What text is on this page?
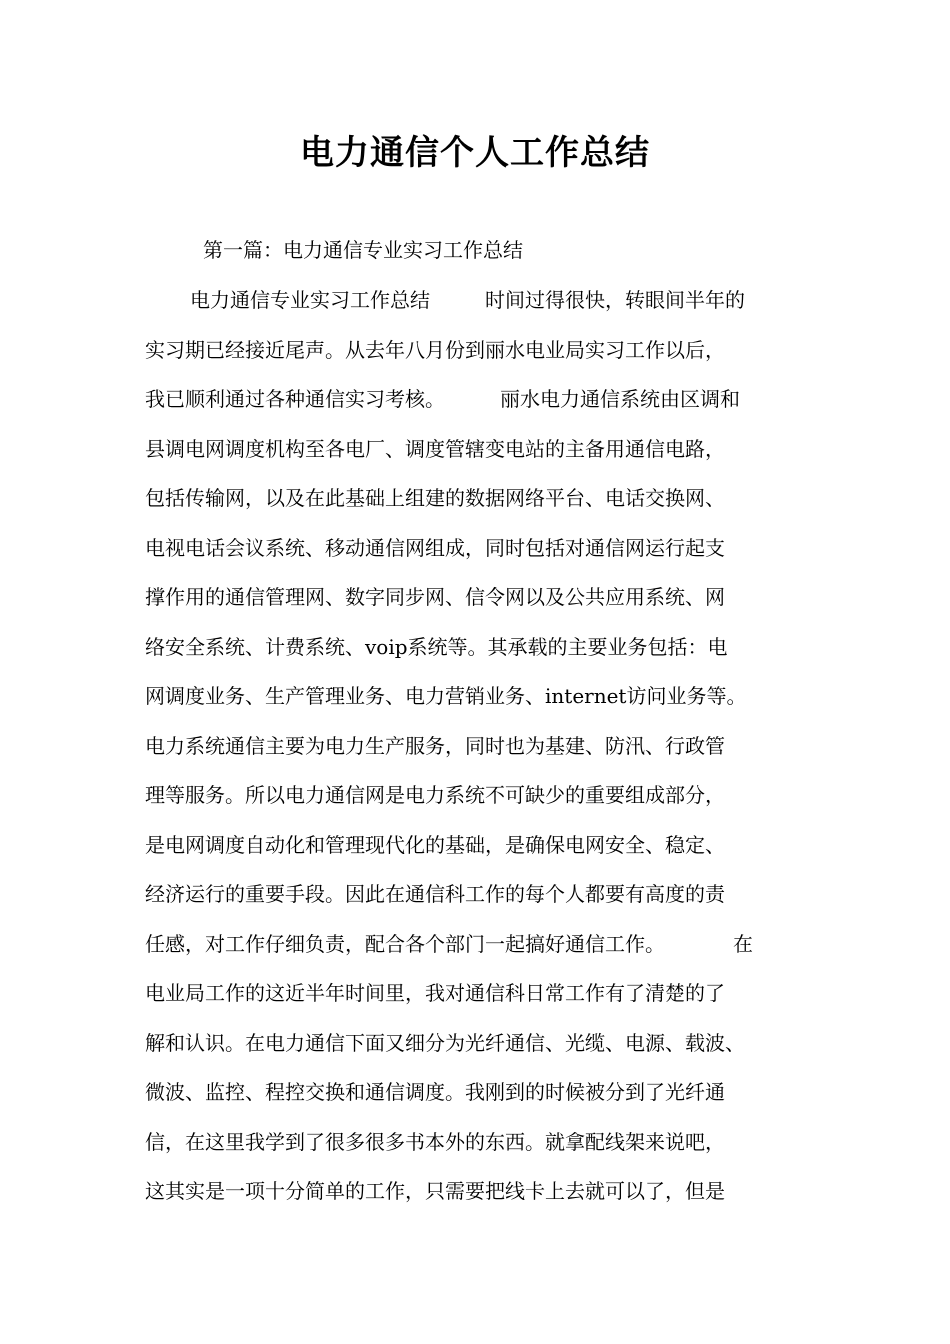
电力通信个人工作总结
第一篇：电力通信专业实习工作总结
电力通信专业实习工作总结	时间过得很快，转眼间半年的
实习期已经接近尾声。从去年八月份到丽水电业局实习工作以后，
我已顺利通过各种通信实习考核。	丽水电力通信系统由区调和
县调电网调度机构至各电厂、调度管辖变电站的主备用通信电路，
包括传输网，以及在此基础上组建的数据网络平台、电话交换网、
电视电话会议系统、移动通信网组成，同时包括对通信网运行起支
撑作用的通信管理网、数字同步网、信令网以及公共应用系统、网
络安全系统、计费系统、voip系统等。其承载的主要业务包括：电
网调度业务、生产管理业务、电力营销业务、internet访问业务等。
电力系统通信主要为电力生产服务，同时也为基建、防汛、行政管
理等服务。所以电力通信网是电力系统不可缺少的重要组成部分，
是电网调度自动化和管理现代化的基础，是确保电网安全、稳定、
经济运行的重要手段。因此在通信科工作的每个人都要有高度的责
任感，对工作仔细负责，配合各个部门一起搞好通信工作。	在
电业局工作的这近半年时间里，我对通信科日常工作有了清楚的了
解和认识。在电力通信下面又细分为光纤通信、光缆、电源、载波、
微波、监控、程控交换和通信调度。我刚到的时候被分到了光纤通
信，在这里我学到了很多很多书本外的东西。就拿配线架来说吧，
这其实是一项十分简单的工作，只需要把线卡上去就可以了，但是
